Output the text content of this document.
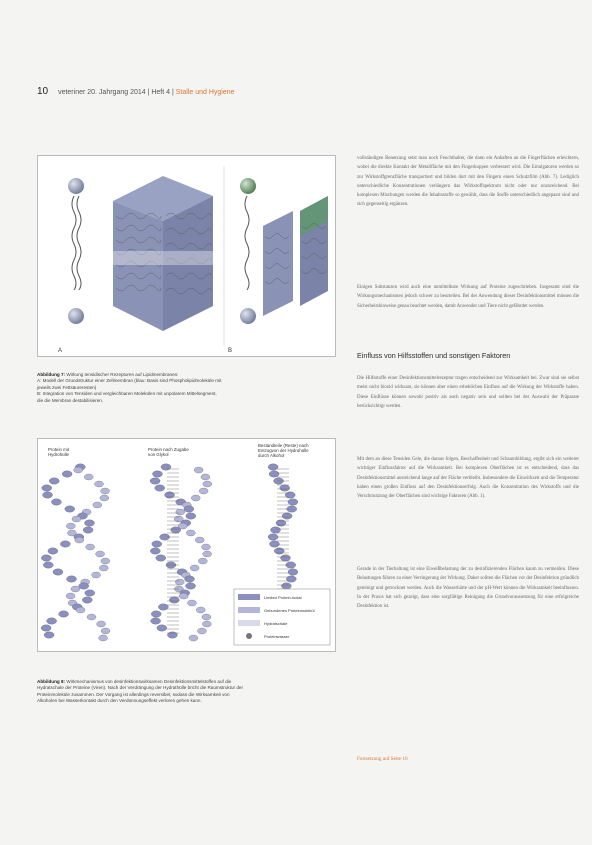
10 veteriner 20. Jahrgang 2014 | Heft 4 | Stalle und Hygiene
A	B
Abbildung 7: Wirkung tensidischer Rezepturen auf Lipidmembranen:
A: Modell der Grundstruktur einer Zellmembran (blau: Basis sind Phospholipidmoleküle mit
jeweils zwei Fettsäureresten)
B: Integration von Tensiden und vergleichbaren Molekülen mit unpolarem Mittelsegment,
die die Membran destabilisieren.
Protein mit
Hydrohülle
Protein nach Zugabe
von Glykol
Bestandteile (Reste) nach
Entzugvon der Hydrohülle
durch Alkohol
Limited Protein-Isolat
Gebundenes Proteinmolekül
Hydratschale
Proteinwasser
Abbildung 8: Wirkmechanismus von desinfektionswirksamen Desinfektionsmittelstoffen auf die
Hydratschale der Proteine (Viren). Nach der Verdrängung der Hydrathülle bricht die Raumstruktur der
Proteinmoleküle zusammen. Der Vorgang ist allerdings reversibel, sodass die Wirksamkeit von
Alkoholen bei Wasserkontakt durch den Verdünnungseffekt verloren gehen kann.

vollständigen Benetzung setzt man noch Feuchthalter, die dann ein Anhaften an die Fingerflächen erleichtern, wobei die direkte Kontakt der Metallfläche mit den Fingerkuppen verbessert wird. Die Emulgatoren werden so zur Wirkstoffgrenzfläche transportiert und bilden dort mit den Fingern einen Schutzfilm (Abb. 7). Lediglich unterschiedliche Konzentrationen verlängern das Wirkstoffspektrum nicht oder nur unzureichend. Bei komplexen Mischungen werden die Inhaltsstoffe so gewählt, dass die Stoffe unterschiedlich angepasst sind und sich gegenseitig ergänzen.

Einigen Substanzen wird auch eine unmittelbare Wirkung auf Proteine zugeschrieben. Insgesamt sind die Wirkungsmechanismen jedoch schwer zu beurteilen. Bei der Anwendung dieser Desinfektionsmittel müssen die Sicherheitshinweise genau beachtet werden, damit Anwender und Tiere nicht gefährdet werden.

Einfluss von Hilfsstoffen und sonstigen Faktoren

Die Hilfsstoffe einer Desinfektionsmittelrezeptur tragen entscheidend zur Wirksamkeit bei. Zwar sind sie selbst meist nicht biozid wirksam, sie können aber einen erheblichen Einfluss auf die Wirkung der Wirkstoffe haben. Diese Einflüsse können sowohl positiv als auch negativ sein und sollten bei der Auswahl der Präparate berücksichtigt werden.

Mit dem an diese Tensiden Gele, die daraus folgen, Beschaffenheit und Schaumbildung, ergibt sich ein weiterer wichtiger Einflussfaktor auf die Wirksamkeit. Bei komplexen Oberflächen ist es entscheidend, dass das Desinfektionsmittel ausreichend lange auf der Fläche verbleibt. Insbesondere die Einwirkzeit und die Temperatur haben einen großen Einfluss auf den Desinfektionserfolg. Auch die Konzentration des Wirkstoffs und die Verschmutzung der Oberflächen sind wichtige Faktoren (Abb. 1).

Gerade in der Tierhaltung ist eine Eiweißbelastung der zu desinfizierenden Flächen kaum zu vermeiden. Diese Belastungen führen zu einer Verringerung der Wirkung. Daher sollten die Flächen vor der Desinfektion gründlich gereinigt und getrocknet werden. Auch die Wasserhärte und der pH-Wert können die Wirksamkeit beeinflussen. In der Praxis hat sich gezeigt, dass eine sorgfältige Reinigung die Grundvoraussetzung für eine erfolgreiche Desinfektion ist.

Fortsetzung auf Seite 16
